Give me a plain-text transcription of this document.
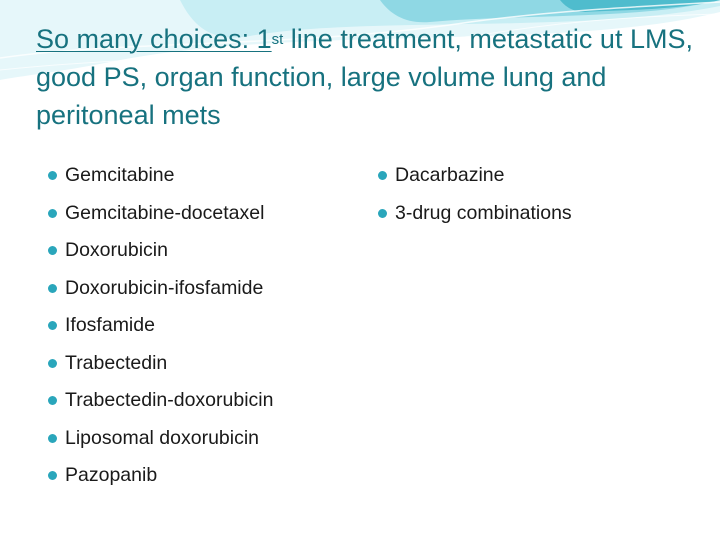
So many choices: 1st line treatment, metastatic ut LMS, good PS, organ function, large volume lung and peritoneal mets
Gemcitabine
Gemcitabine-docetaxel
Doxorubicin
Doxorubicin-ifosfamide
Ifosfamide
Trabectedin
Trabectedin-doxorubicin
Liposomal doxorubicin
Pazopanib
Dacarbazine
3-drug combinations
